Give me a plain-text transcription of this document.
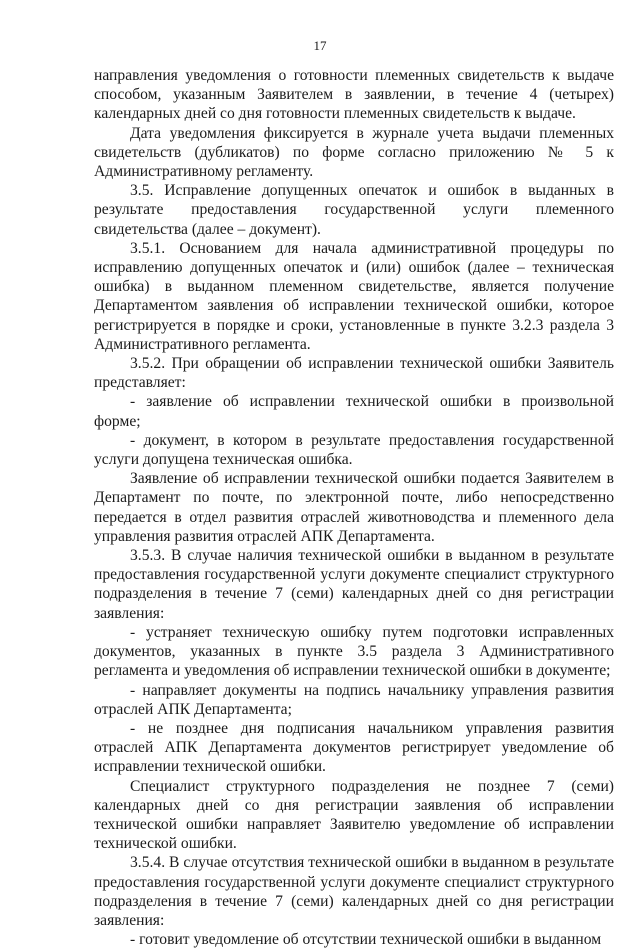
17

направления уведомления о готовности племенных свидетельств к выдаче способом, указанным Заявителем в заявлении, в течение 4 (четырех) календарных дней со дня готовности племенных свидетельств к выдаче.

Дата уведомления фиксируется в журнале учета выдачи племенных свидетельств (дубликатов) по форме согласно приложению № 5 к Административному регламенту.

3.5. Исправление допущенных опечаток и ошибок в выданных в результате предоставления государственной услуги племенного свидетельства (далее – документ).

3.5.1. Основанием для начала административной процедуры по исправлению допущенных опечаток и (или) ошибок (далее – техническая ошибка) в выданном племенном свидетельстве, является получение Департаментом заявления об исправлении технической ошибки, которое регистрируется в порядке и сроки, установленные в пункте 3.2.3 раздела 3 Административного регламента.

3.5.2. При обращении об исправлении технической ошибки Заявитель представляет:

- заявление об исправлении технической ошибки в произвольной форме;

- документ, в котором в результате предоставления государственной услуги допущена техническая ошибка.

Заявление об исправлении технической ошибки подается Заявителем в Департамент по почте, по электронной почте, либо непосредственно передается в отдел развития отраслей животноводства и племенного дела управления развития отраслей АПК Департамента.

3.5.3. В случае наличия технической ошибки в выданном в результате предоставления государственной услуги документе специалист структурного подразделения в течение 7 (семи) календарных дней со дня регистрации заявления:

- устраняет техническую ошибку путем подготовки исправленных документов, указанных в пункте 3.5 раздела 3 Административного регламента и уведомления об исправлении технической ошибки в документе;

- направляет документы на подпись начальнику управления развития отраслей АПК Департамента;

- не позднее дня подписания начальником управления развития отраслей АПК Департамента документов регистрирует уведомление об исправлении технической ошибки.

Специалист структурного подразделения не позднее 7 (семи) календарных дней со дня регистрации заявления об исправлении технической ошибки направляет Заявителю уведомление об исправлении технической ошибки.

3.5.4. В случае отсутствия технической ошибки в выданном в результате предоставления государственной услуги документе специалист структурного подразделения в течение 7 (семи) календарных дней со дня регистрации заявления:

- готовит уведомление об отсутствии технической ошибки в выданном
